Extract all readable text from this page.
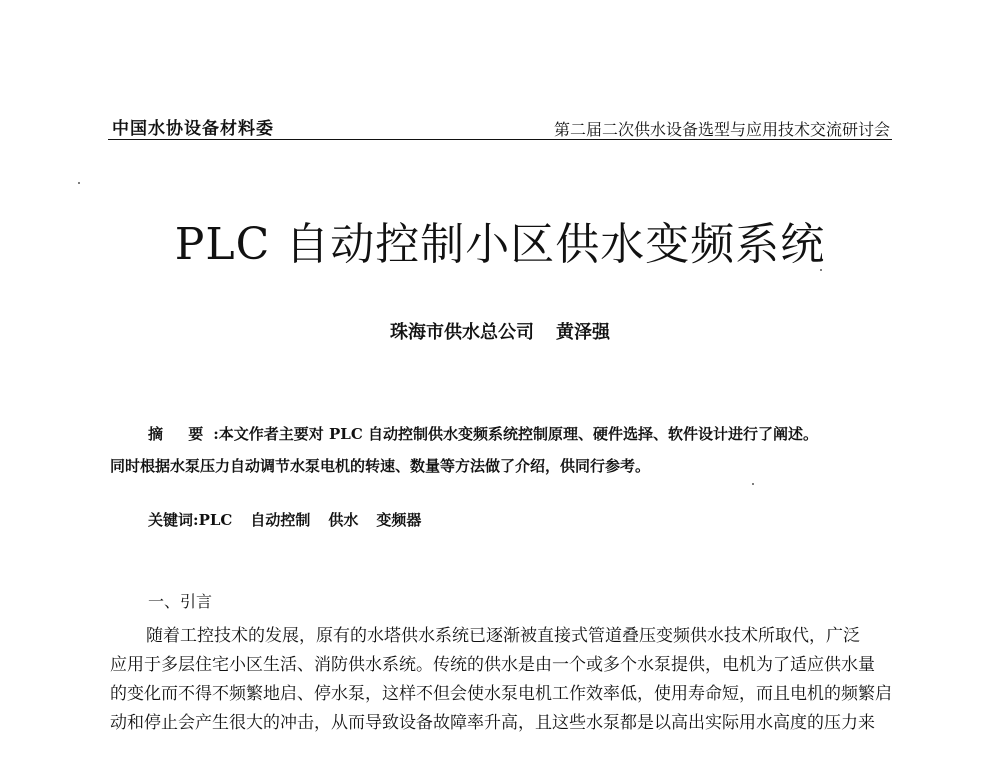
中国水协设备材料委	第二届二次供水设备选型与应用技术交流研讨会
PLC 自动控制小区供水变频系统
珠海市供水总公司 黄泽强
摘 要:本文作者主要对 PLC 自动控制供水变频系统控制原理、硬件选择、软件设计进行了阐述。
同时根据水泵压力自动调节水泵电机的转速、数量等方法做了介绍，供同行参考。
关键词:PLC 自动控制 供水 变频器
一、引言
随着工控技术的发展，原有的水塔供水系统已逐渐被直接式管道叠压变频供水技术所取代，广泛
应用于多层住宅小区生活、消防供水系统。传统的供水是由一个或多个水泵提供，电机为了适应供水量
的变化而不得不频繁地启、停水泵，这样不但会使水泵电机工作效率低，使用寿命短，而且电机的频繁启
动和停止会产生很大的冲击，从而导致设备故障率升高，且这些水泵都是以高出实际用水高度的压力来
